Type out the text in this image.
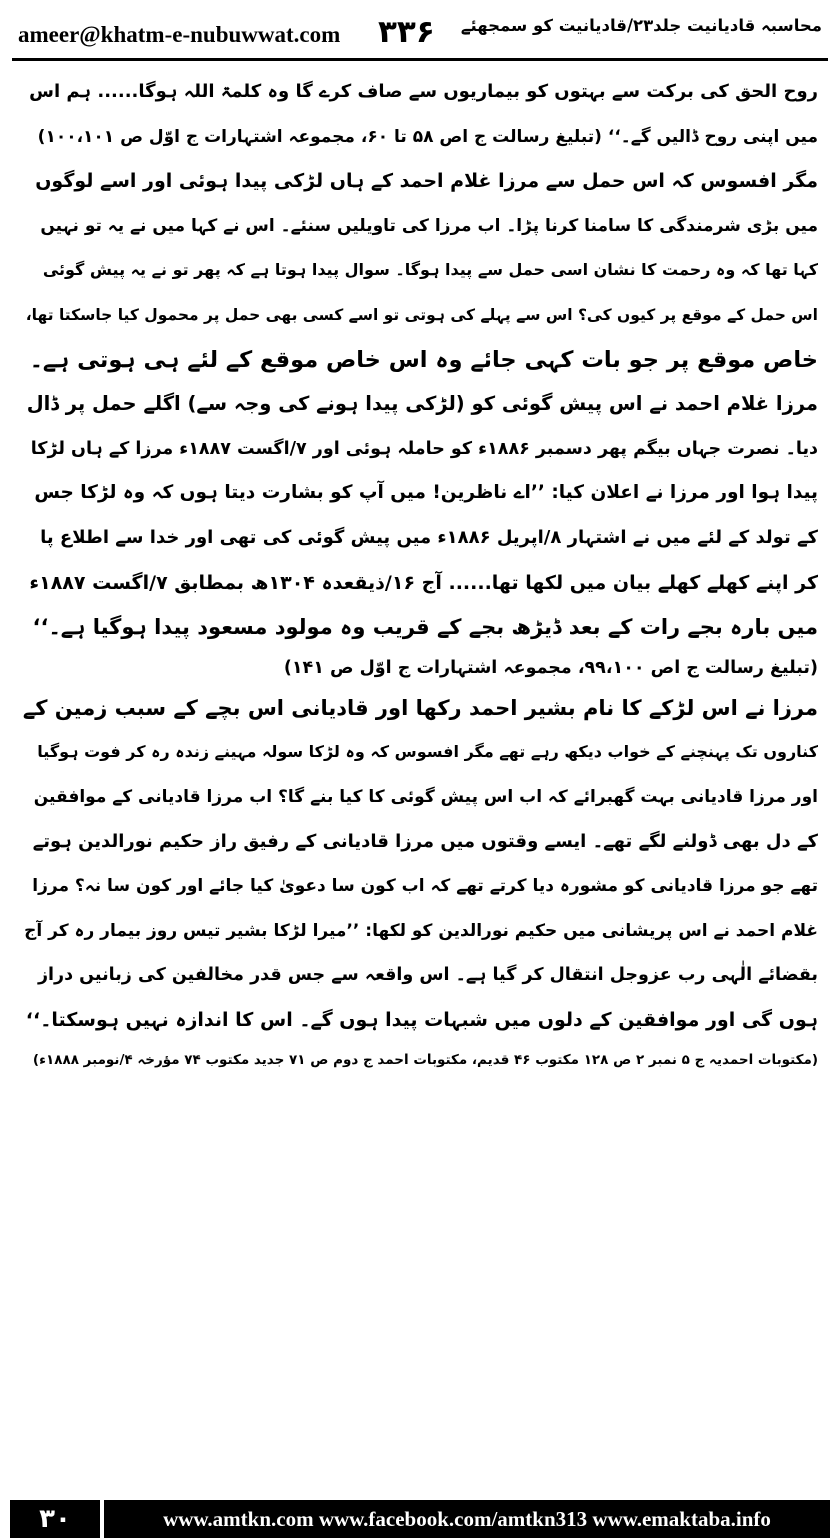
ameer@khatm-e-nubuwwat.com ۳۳۶ محاسبہ قادیانیت جلد۲۳/قادیانیت کو سمجھئے
روح الحق کی برکت سے بہتوں کو بیماریوں سے صاف کرے گا وہ کلمۃ اللہ ہوگا...... ہم اس
میں اپنی روح ڈالیں گے۔‘‘ (تبلیغ رسالت ج اص ۵۸ تا ۶۰، مجموعہ اشتہارات ج اوّل ص ۱۰۰،۱۰۱)
مگر افسوس کہ اس حمل سے مرزا غلام احمد کے ہاں لڑکی پیدا ہوئی اور اسے لوگوں
میں بڑی شرمندگی کا سامنا کرنا پڑا۔ اب مرزا کی تاویلیں سنئے۔ اس نے کہا میں نے یہ تو نہیں
کہا تھا کہ وہ رحمت کا نشان اسی حمل سے پیدا ہوگا۔ سوال پیدا ہوتا ہے کہ پھر تو نے یہ پیش گوئی
اس حمل کے موقع پر کیوں کی؟ اس سے پہلے کی ہوتی تو اسے کسی بھی حمل پر محمول کیا جاسکتا تھا،
خاص موقع پر جو بات کہی جائے وہ اس خاص موقع کے لئے ہی ہوتی ہے۔
مرزا غلام احمد نے اس پیش گوئی کو (لڑکی پیدا ہونے کی وجہ سے) اگلے حمل پر ڈال
دیا۔ نصرت جہاں بیگم پھر دسمبر ۱۸۸۶ء کو حاملہ ہوئی اور ۷/اگست ۱۸۸۷ء مرزا کے ہاں لڑکا
پیدا ہوا اور مرزا نے اعلان کیا: ’’اے ناظرین! میں آپ کو بشارت دیتا ہوں کہ وہ لڑکا جس
کے تولد کے لئے میں نے اشتہار ۸/اپریل ۱۸۸۶ء میں پیش گوئی کی تھی اور خدا سے اطلاع پا
کر اپنے کھلے کھلے بیان میں لکھا تھا...... آج ۱۶/ذیقعدہ ۱۳۰۴ھ بمطابق ۷/اگست ۱۸۸۷ء
میں بارہ بجے رات کے بعد ڈیڑھ بجے کے قریب وہ مولود مسعود پیدا ہوگیا ہے۔‘‘
(تبلیغ رسالت ج اص ۹۹،۱۰۰، مجموعہ اشتہارات ج اوّل ص ۱۴۱)
مرزا نے اس لڑکے کا نام بشیر احمد رکھا اور قادیانی اس بچے کے سبب زمین کے
کناروں تک پہنچنے کے خواب دیکھ رہے تھے مگر افسوس کہ وہ لڑکا سولہ مہینے زندہ رہ کر فوت ہوگیا
اور مرزا قادیانی بہت گھبرائے کہ اب اس پیش گوئی کا کیا بنے گا؟ اب مرزا قادیانی کے موافقین
کے دل بھی ڈولنے لگے تھے۔ ایسے وقتوں میں مرزا قادیانی کے رفیق راز حکیم نورالدین ہوتے
تھے جو مرزا قادیانی کو مشورہ دیا کرتے تھے کہ اب کون سا دعویٰ کیا جائے اور کون سا نہ؟ مرزا
غلام احمد نے اس پریشانی میں حکیم نورالدین کو لکھا: ’’میرا لڑکا بشیر تیس روز بیمار رہ کر آج
بقضائے الٰہی رب عزوجل انتقال کر گیا ہے۔ اس واقعہ سے جس قدر مخالفین کی زبانیں دراز
ہوں گی اور موافقین کے دلوں میں شبہات پیدا ہوں گے۔ اس کا اندازہ نہیں ہوسکتا۔‘‘
(مکتوبات احمدیہ ج ۵ نمبر ۲ ص ۱۲۸ مکتوب ۴۶ قدیم، مکتوبات احمد ج دوم ص ۷۱ جدید مکتوب ۷۴ مؤرخہ ۴/نومبر ۱۸۸۸ء)
۳۰	www.amtkn.com www.facebook.com/amtkn313 www.emaktaba.info
